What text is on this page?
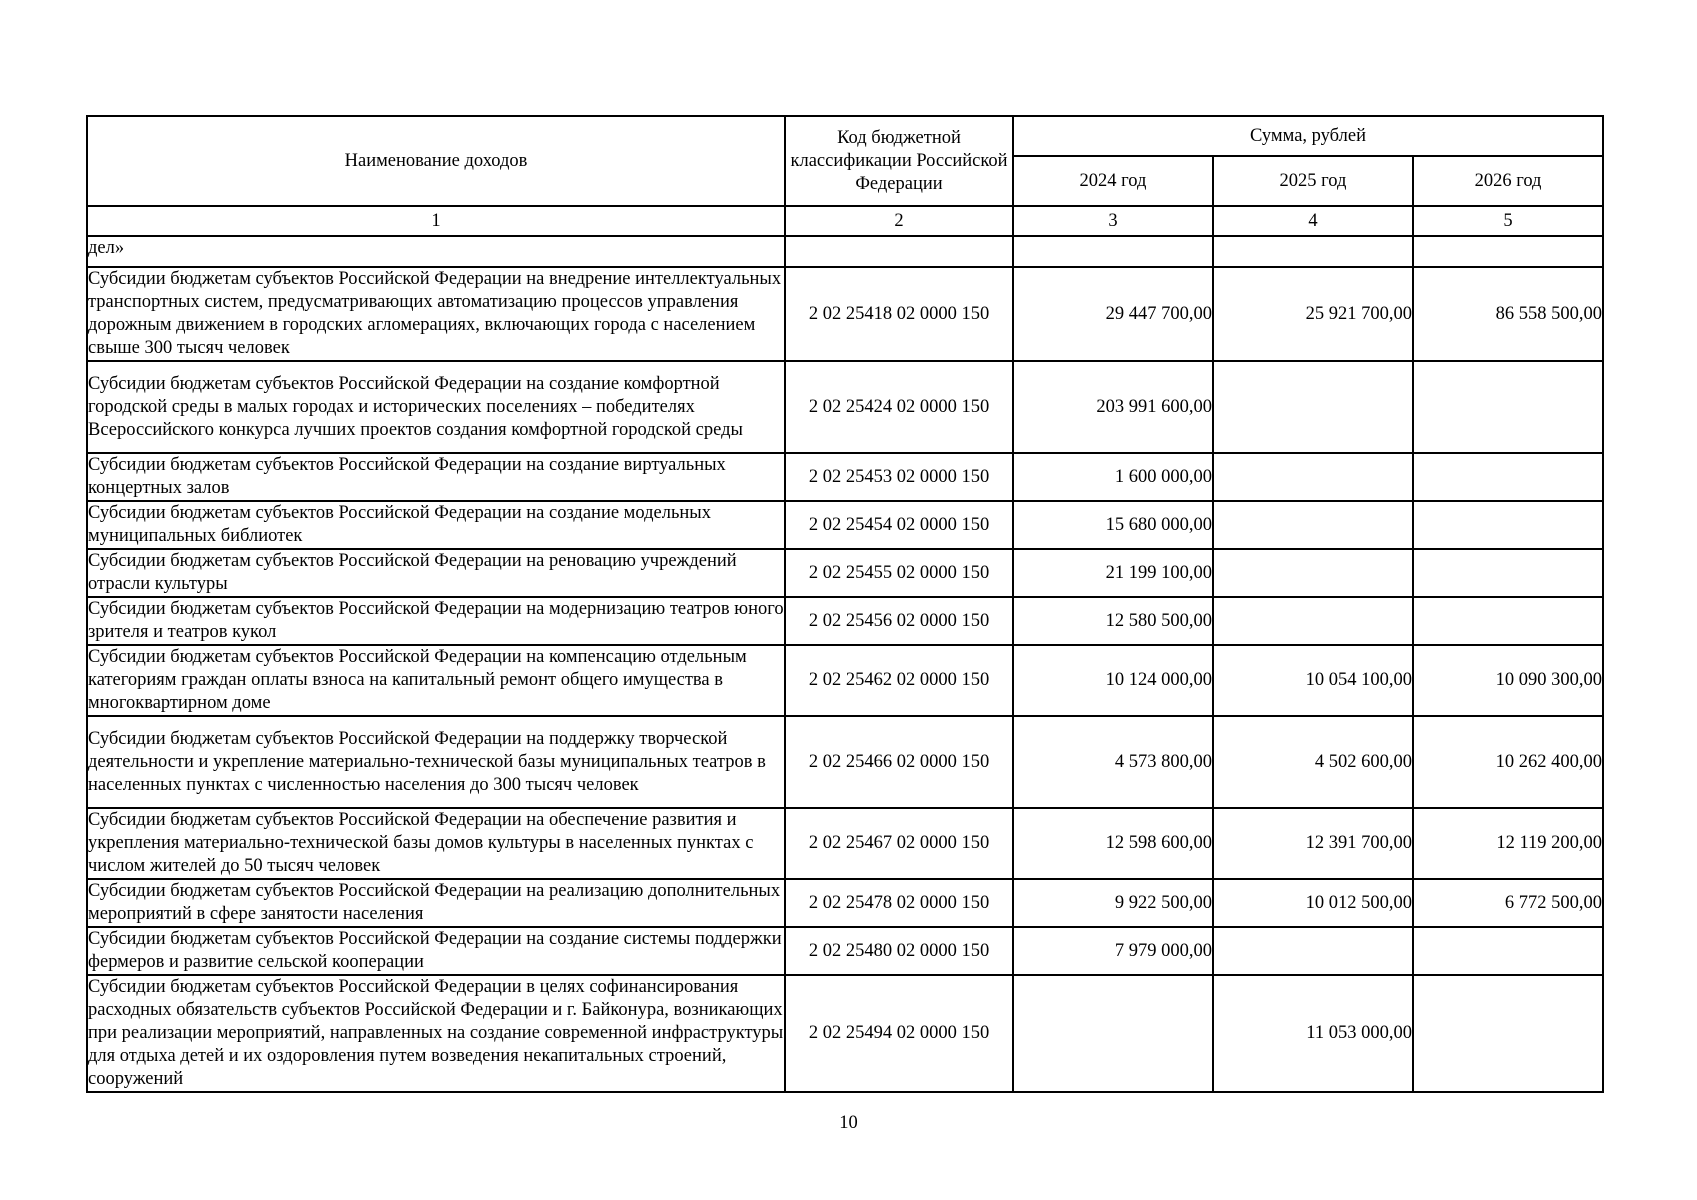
Наименование доходов	Код бюджетной классификации Российской Федерации	Сумма, рублей		
		2024 год	2025 год	2026 год
1	2	3	4	5
дел»				
Субсидии бюджетам субъектов Российской Федерации на внедрение интеллектуальных транспортных систем, предусматривающих автоматизацию процессов управления дорожным движением в городских агломерациях, включающих города с населением свыше 300 тысяч человек	2 02 25418 02 0000 150	29 447 700,00	25 921 700,00	86 558 500,00
Субсидии бюджетам субъектов Российской Федерации на создание комфортной городской среды в малых городах и исторических поселениях – победителях Всероссийского конкурса лучших проектов создания комфортной городской среды	2 02 25424 02 0000 150	203 991 600,00		
Субсидии бюджетам субъектов Российской Федерации на создание виртуальных концертных залов	2 02 25453 02 0000 150	1 600 000,00		
Субсидии бюджетам субъектов Российской Федерации на создание модельных муниципальных библиотек	2 02 25454 02 0000 150	15 680 000,00		
Субсидии бюджетам субъектов Российской Федерации на реновацию учреждений отрасли культуры	2 02 25455 02 0000 150	21 199 100,00		
Субсидии бюджетам субъектов Российской Федерации на модернизацию театров юного зрителя и театров кукол	2 02 25456 02 0000 150	12 580 500,00		
Субсидии бюджетам субъектов Российской Федерации на компенсацию отдельным категориям граждан оплаты взноса на капитальный ремонт общего имущества в многоквартирном доме	2 02 25462 02 0000 150	10 124 000,00	10 054 100,00	10 090 300,00
Субсидии бюджетам субъектов Российской Федерации на поддержку творческой деятельности и укрепление материально-технической базы муниципальных театров в населенных пунктах с численностью населения до 300 тысяч человек	2 02 25466 02 0000 150	4 573 800,00	4 502 600,00	10 262 400,00
Субсидии бюджетам субъектов Российской Федерации на обеспечение развития и укрепления материально-технической базы домов культуры в населенных пунктах с числом жителей до 50 тысяч человек	2 02 25467 02 0000 150	12 598 600,00	12 391 700,00	12 119 200,00
Субсидии бюджетам субъектов Российской Федерации на реализацию дополнительных мероприятий в сфере занятости населения	2 02 25478 02 0000 150	9 922 500,00	10 012 500,00	6 772 500,00
Субсидии бюджетам субъектов Российской Федерации на создание системы поддержки фермеров и развитие сельской кооперации	2 02 25480 02 0000 150	7 979 000,00		
Субсидии бюджетам субъектов Российской Федерации в целях софинансирования расходных обязательств субъектов Российской Федерации и г. Байконура, возникающих при реализации мероприятий, направленных на создание современной инфраструктуры для отдыха детей и их оздоровления путем возведения некапитальных строений, сооружений	2 02 25494 02 0000 150		11 053 000,00	
10
